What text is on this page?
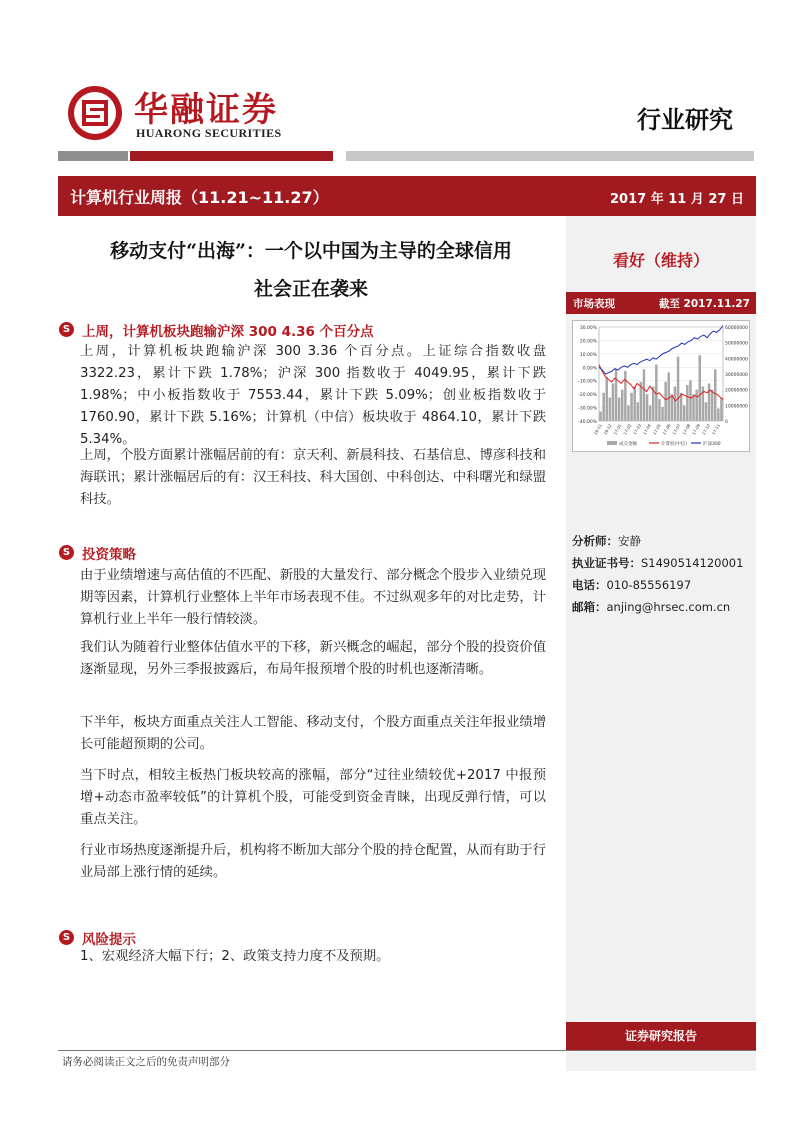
华融证券
HUARONG SECURITIES	行业研究
计算机行业周报（11.21~11.27）	2017 年 11 月 27 日
移动支付“出海”：一个以中国为主导的全球信用
社会正在袭来
看好（维持）
市场表现	截至 2017.11.27
30.00%
20.00%
10.00%
0.00%
-10.00%
-20.00%
-30.00%
-40.00%
60000000
50000000
40000000
30000000
20000000
10000000
0
16-11 16-12 17-01 17-02 17-03 17-04 17-05 17-06 17-07 17-08 17-09 17-10 17-11
成交金额	计算机(中信)	沪深300
分析师：安静
执业证书号：S1490514120001
电话：010-85556197
邮箱：anjing@hrsec.com.cn
S 上周，计算机板块跑输沪深 300 4.36 个百分点
上周，计算机板块跑输沪深 300 3.36 个百分点。上证综合指数收盘 3322.23，累计下跌 1.78%；沪深 300 指数收于 4049.95，累计下跌 1.98%；中小板指数收于 7553.44，累计下跌 5.09%；创业板指数收于 1760.90，累计下跌 5.16%；计算机（中信）板块收于 4864.10，累计下跌 5.34%。
上周，个股方面累计涨幅居前的有：京天利、新晨科技、石基信息、博彦科技和海联讯；累计涨幅居后的有：汉王科技、科大国创、中科创达、中科曙光和绿盟科技。
S 投资策略
由于业绩增速与高估值的不匹配、新股的大量发行、部分概念个股步入业绩兑现期等因素，计算机行业整体上半年市场表现不佳。不过纵观多年的对比走势，计算机行业上半年一般行情较淡。
我们认为随着行业整体估值水平的下移，新兴概念的崛起，部分个股的投资价值逐渐显现，另外三季报披露后，布局年报预增个股的时机也逐渐清晰。
下半年，板块方面重点关注人工智能、移动支付，个股方面重点关注年报业绩增长可能超预期的公司。
当下时点，相较主板热门板块较高的涨幅，部分“过往业绩较优+2017 中报预增+动态市盈率较低”的计算机个股，可能受到资金青睐，出现反弹行情，可以重点关注。
行业市场热度逐渐提升后，机构将不断加大部分个股的持仓配置，从而有助于行业局部上涨行情的延续。
S 风险提示
1、宏观经济大幅下行；2、政策支持力度不及预期。
证券研究报告
请务必阅读正文之后的免责声明部分
